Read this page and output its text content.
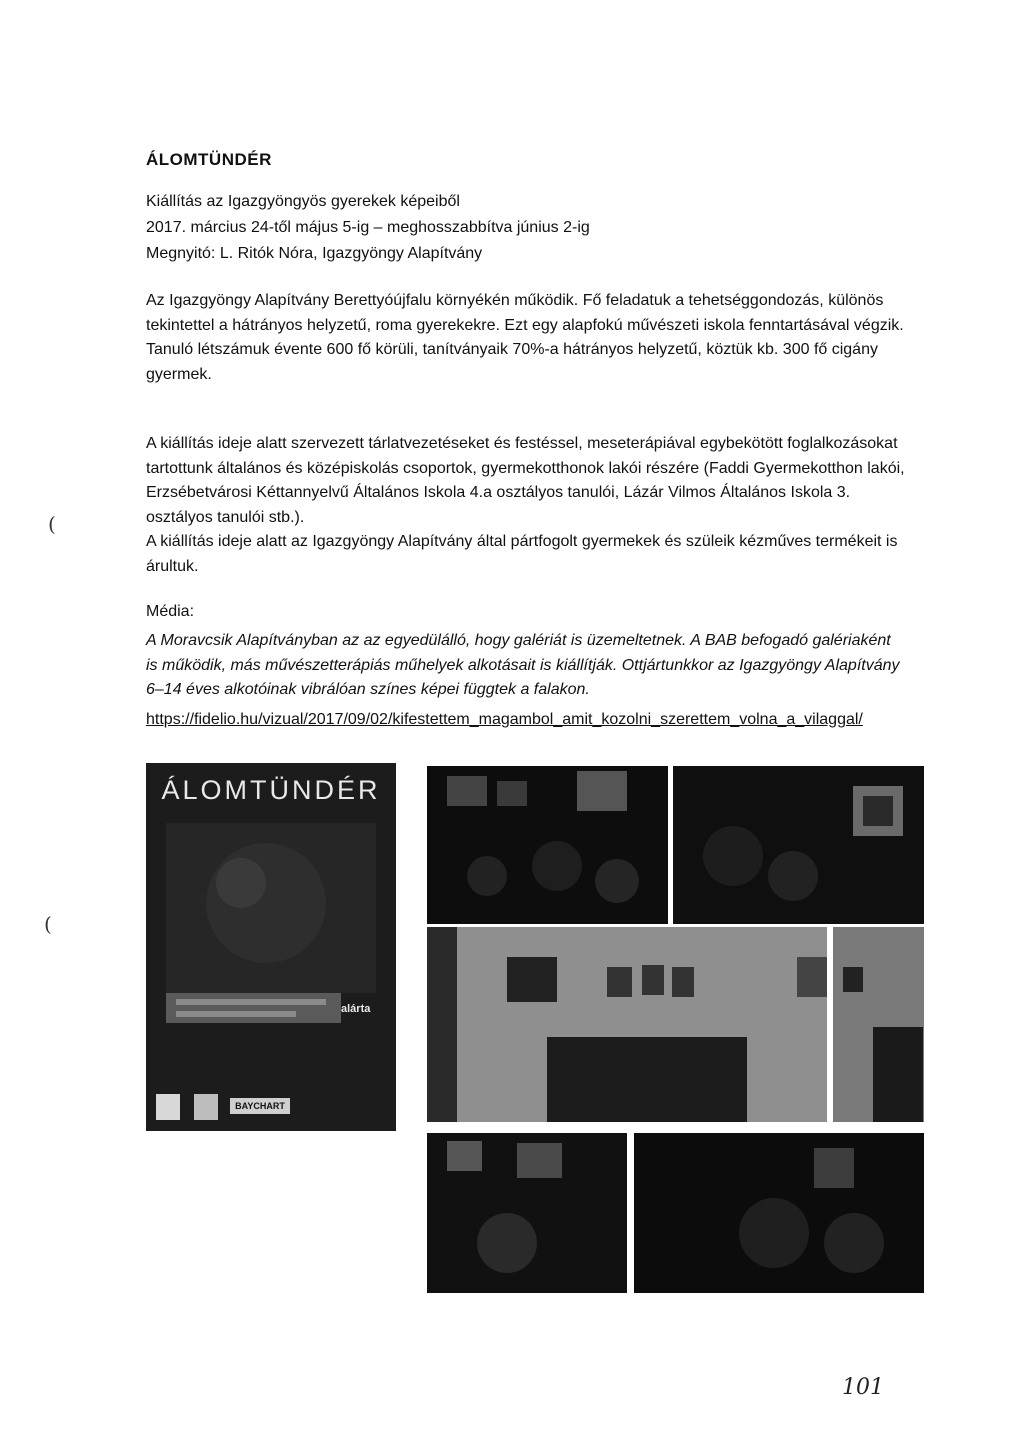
ÁLOMTÜNDÉR
Kiállítás az Igazgyöngyös gyerekek képeiből
2017. március 24-től május 5-ig – meghosszabbítva június 2-ig
Megnyitó: L. Ritók Nóra, Igazgyöngy Alapítvány

Az Igazgyöngy Alapítvány Berettyóújfalu környékén működik. Fő feladatuk a tehetséggondozás, különös tekintettel a hátrányos helyzetű, roma gyerekekre. Ezt egy alapfokú művészeti iskola fenntartásával végzik. Tanuló létszámuk évente 600 fő körüli, tanítványaik 70%-a hátrányos helyzetű, köztük kb. 300 fő cigány gyermek.

A kiállítás ideje alatt szervezett tárlatvezetéseket és festéssel, meseterápiával egybekötött foglalkozásokat tartottunk általános és középiskolás csoportok, gyermekotthonok lakói részére (Faddi Gyermekotthon lakói, Erzsébetvárosi Kéttannyelvű Általános Iskola 4.a osztályos tanulói, Lázár Vilmos Általános Iskola 3. osztályos tanulói stb.).

A kiállítás ideje alatt az Igazgyöngy Alapítvány által pártfogolt gyermekek és szüleik kézműves termékeit is árultuk.

Média:

A Moravcsik Alapítványban az az egyedülálló, hogy galériát is üzemeltetnek. A BAB befogadó galériaként is működik, más művészetterápiás műhelyek alkotásait is kiállítják. Ottjártunkkor az Igazgyöngy Alapítvány 6–14 éves alkotóinak vibrálóan színes képei függtek a falakon.

https://fidelio.hu/vizual/2017/09/02/kifestettem_magambol_amit_kozolni_szerettem_volna_a_vilaggal/
(
(
ÁLOMTÜNDÉR
alárta
BAYCHART
101
